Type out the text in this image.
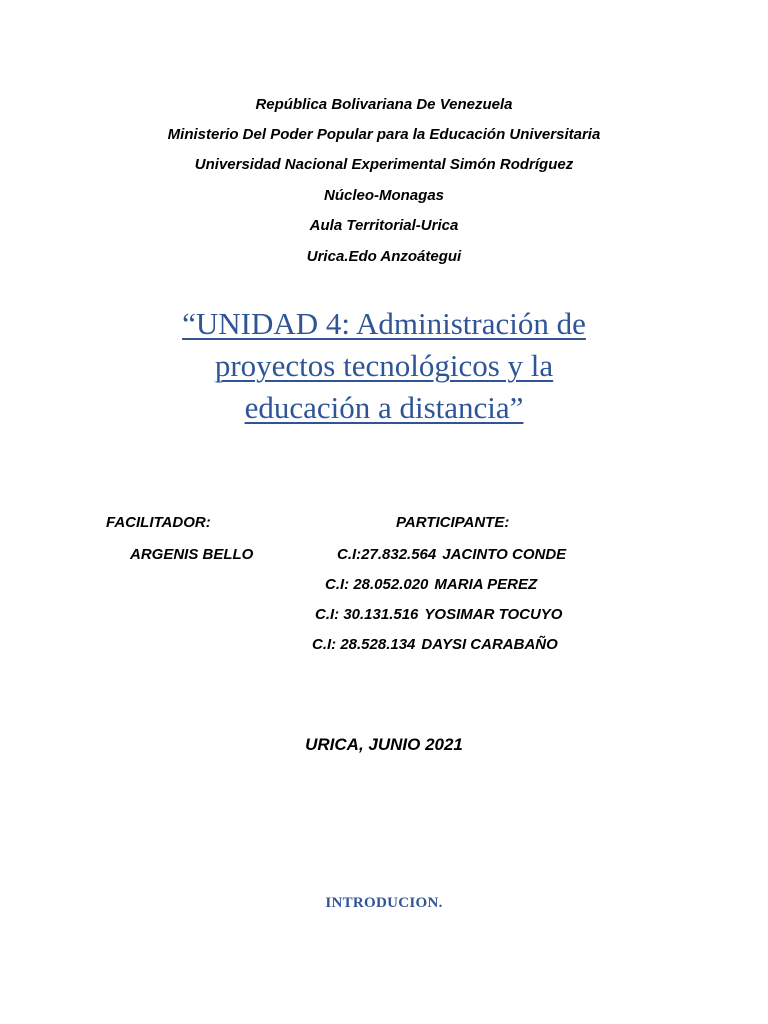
República Bolivariana De Venezuela
Ministerio Del Poder Popular para la Educación Universitaria
Universidad Nacional Experimental Simón Rodríguez
Núcleo-Monagas
Aula Territorial-Urica
Urica.Edo Anzoátegui
“UNIDAD 4: Administración de
proyectos tecnológicos y la
educación a distancia”
FACILITADOR:	PARTICIPANTE:
ARGENIS BELLO	C.I:27.832.564 JACINTO CONDE
C.I: 28.052.020 MARIA PEREZ
C.I: 30.131.516 YOSIMAR TOCUYO
C.I: 28.528.134 DAYSI CARABAÑO
URICA, JUNIO 2021
INTRODUCION.
